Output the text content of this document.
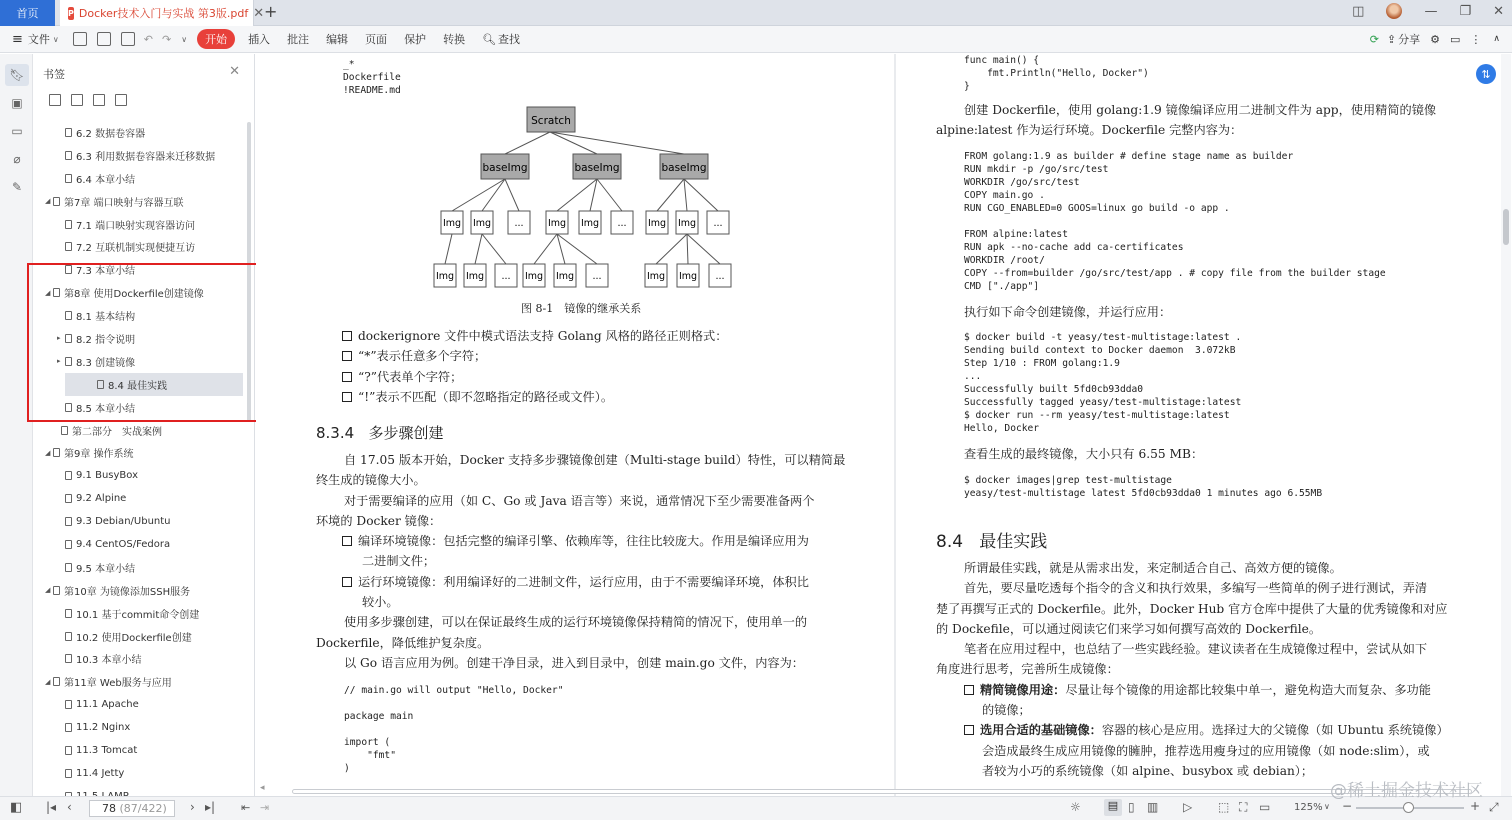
首页	P Docker技术入门与实战 第3版.pdf ✕ +	◫	— ❐ ✕
≡ 文件 ∨	↶ ↷ ∨	开始	插入 批注 编辑 页面 保护 转换 🔍︎ 查找	⟳ ⇪ 分享 ⚙ ▭ ⋮ ∧
🔖︎
▣
▭
⌀
✎
书签	✕
6.2 数据卷容器
6.3 利用数据卷容器来迁移数据
6.4 本章小结
◢ 第7章 端口映射与容器互联
7.1 端口映射实现容器访问
7.2 互联机制实现便捷互访
7.3 本章小结
◢ 第8章 使用Dockerfile创建镜像
8.1 基本结构
▸	8.2 指令说明
▸	8.3 创建镜像
8.4 最佳实践
8.5 本章小结
第二部分　实战案例
◢ 第9章 操作系统
9.1 BusyBox
9.2 Alpine
9.3 Debian/Ubuntu
9.4 CentOS/Fedora
9.5 本章小结
◢ 第10章 为镜像添加SSH服务
10.1 基于commit命令创建
10.2 使用Dockerfile创建
10.3 本章小结
◢ 第11章 Web服务与应用
11.1 Apache
11.2 Nginx
11.3 Tomcat
11.4 Jetty
_*
Dockerfile
!README.md
Scratch
baseImg	baseImg	baseImg
Img Img ...	Img Img ... Img Img ...
Img Img ... Img Img ...	Img Img ...
图 8-1　镜像的继承关系
dockerignore 文件中模式语法支持 Golang 风格的路径正则格式：
“*”表示任意多个字符；
“?”代表单个字符；
“!”表示不匹配（即不忽略指定的路径或文件）。
8.3.4 多步骤创建
自 17.05 版本开始，Docker 支持多步骤镜像创建（Multi-stage build）特性，可以精简最
终生成的镜像大小。
对于需要编译的应用（如 C、Go 或 Java 语言等）来说，通常情况下至少需要准备两个
环境的 Docker 镜像：
编译环境镜像：包括完整的编译引擎、依赖库等，往往比较庞大。作用是编译应用为
二进制文件；
运行环境镜像：利用编译好的二进制文件，运行应用，由于不需要编译环境，体积比
较小。
使用多步骤创建，可以在保证最终生成的运行环境镜像保持精简的情况下，使用单一的
Dockerfile，降低维护复杂度。
以 Go 语言应用为例。创建干净目录，进入到目录中，创建 main.go 文件，内容为：
// main.go will output "Hello, Docker"

package main

import (
"fmt"
)
func main() {
fmt.Println("Hello, Docker")
}
创建 Dockerfile，使用 golang:1.9 镜像编译应用二进制文件为 app，使用精简的镜像
alpine:latest 作为运行环境。Dockerfile 完整内容为：
FROM golang:1.9 as builder # define stage name as builder
RUN mkdir -p /go/src/test
WORKDIR /go/src/test
COPY main.go .
RUN CGO_ENABLED=0 GOOS=linux go build -o app .

FROM alpine:latest
RUN apk --no-cache add ca-certificates
WORKDIR /root/
COPY --from=builder /go/src/test/app . # copy file from the builder stage
CMD ["./app"]
执行如下命令创建镜像，并运行应用：
$ docker build -t yeasy/test-multistage:latest .
Sending build context to Docker daemon  3.072kB
Step 1/10 : FROM golang:1.9
...
Successfully built 5fd0cb93dda0
Successfully tagged yeasy/test-multistage:latest
$ docker run --rm yeasy/test-multistage:latest
Hello, Docker
查看生成的最终镜像，大小只有 6.55 MB：
$ docker images|grep test-multistage
yeasy/test-multistage latest 5fd0cb93dda0 1 minutes ago 6.55MB
8.4 最佳实践
所谓最佳实践，就是从需求出发，来定制适合自己、高效方便的镜像。
首先，要尽量吃透每个指令的含义和执行效果，多编写一些简单的例子进行测试，弄清
楚了再撰写正式的 Dockerfile。此外，Docker Hub 官方仓库中提供了大量的优秀镜像和对应
的 Dockefile，可以通过阅读它们来学习如何撰写高效的 Dockerfile。
笔者在应用过程中，也总结了一些实践经验。建议读者在生成镜像过程中，尝试从如下
角度进行思考，完善所生成镜像：
精简镜像用途：尽量让每个镜像的用途都比较集中单一，避免构造大而复杂、多功能
的镜像；
选用合适的基础镜像：容器的核心是应用。选择过大的父镜像（如 Ubuntu 系统镜像）
会造成最终生成应用镜像的臃肿，推荐选用瘦身过的应用镜像（如 node:slim），或
者较为小巧的系统镜像（如 alpine、busybox 或 debian）；
⇅
◂
◧ |◂ ‹	78 (87/422)	› ▸| ⇤ ⇥	☼	▤ ▯ ▥ ▷ ⬚ ⛶ ▭ 125% ∨ −	+ ⤢
@稀土掘金技术社区
